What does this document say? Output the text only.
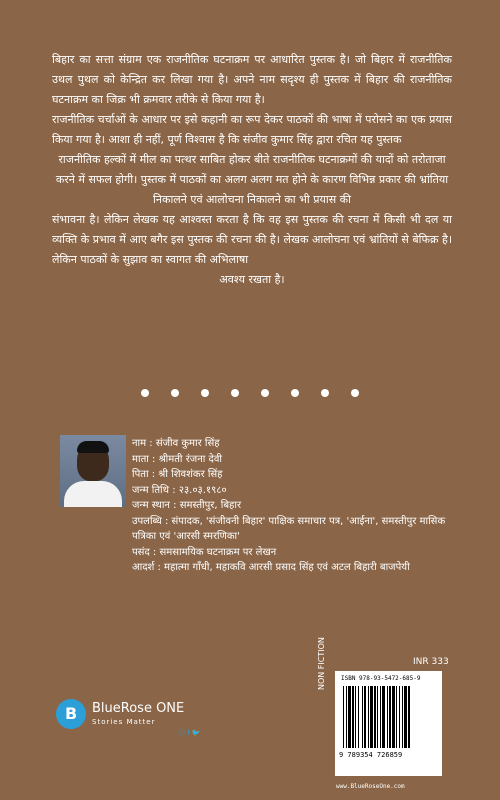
बिहार का सत्ता संग्राम एक राजनीतिक घटनाक्रम पर आधारित पुस्तक है। जो बिहार में राजनीतिक उथल पुथल को केन्द्रित कर लिखा गया है। अपने नाम सदृश्य ही पुस्तक में बिहार की राजनीतिक घटनाक्रम का जिक्र भी क्रमवार तरीके से किया गया है।

राजनीतिक चर्चाओं के आधार पर इसे कहानी का रूप देकर पाठकों की भाषा में परोसने का एक प्रयास किया गया है। आशा ही नहीं, पूर्ण विश्वास है कि संजीव कुमार सिंह द्वारा रचित यह पुस्तक

राजनीतिक हल्कों में मील का पत्थर साबित होकर बीते राजनीतिक घटनाक्रमों की यादों को तरोताजा करने में सफल होगी। पुस्तक में पाठकों का अलग अलग मत होने के कारण विभिन्न प्रकार की भ्रांतिया निकालने एवं आलोचना निकालने का भी प्रयास की

संभावना है। लेकिन लेखक यह आश्वस्त करता है कि वह इस पुस्तक की रचना में किसी भी दल या व्यक्ति के प्रभाव में आए बगैर इस पुस्तक की रचना की है। लेखक आलोचना एवं भ्रांतियों से बेफिक्र है। लेकिन पाठकों के सुझाव का स्वागत की अभिलाषा

अवश्य रखता है।

नाम : संजीव कुमार सिंह
माता : श्रीमती रंजना देवी
पिता : श्री शिवशंकर सिंह
जन्म तिथि : २३.०३.१९८०
जन्म स्थान : समस्तीपुर, बिहार
उपलब्धि : संपादक, 'संजीवनी बिहार' पाक्षिक समाचार पत्र, 'आईना', समस्तीपुर मासिक पत्रिका एवं 'आरसी स्मरणिका'
पसंद : समसामयिक घटनाक्रम पर लेखन
आदर्श : महात्मा गाँधी, महाकवि आरसी प्रसाद सिंह एवं अटल बिहारी बाजपेयी
B BlueRose ONE
Stories Matter
ⓘ f 🐦
NON FICTION	INR 333
ISBN 978-93-5472-685-9
9 789354 726859
www.BlueRoseOne.com
